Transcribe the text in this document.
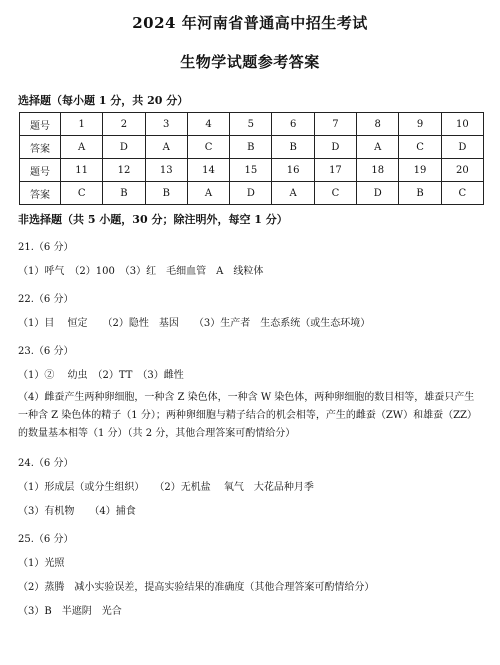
2024 年河南省普通高中招生考试
生物学试题参考答案
选择题（每小题 1 分，共 20 分）
题号	1	2	3	4	5	6	7	8	9	10
答案	A	D	A	C	B	B	D	A	C	D
题号	11	12	13	14	15	16	17	18	19	20
答案	C	B	B	A	D	A	C	D	B	C
非选择题（共 5 小题，30 分；除注明外，每空 1 分）
21.（6 分）
（1）呼气　（2）100　（3）红　毛细血管　A　线粒体
22.（6 分）
（1）目　 恒定　　（2）隐性　基因　　（3）生产者　生态系统（或生态环境）
23.（6 分）
（1）②　 幼虫　（2）TT　（3）雌性
（4）雌蚕产生两种卵细胞，一种含 Z 染色体，一种含 W 染色体，两种卵细胞的数目相等，雄蚕只产生一种含 Z 染色体的精子（1 分）；两种卵细胞与精子结合的机会相等，产生的雌蚕（ZW）和雄蚕（ZZ）的数量基本相等（1 分）（共 2 分，其他合理答案可酌情给分）
24.（6 分）
（1）形成层（或分生组织）　　（2）无机盐　 氧气　大花品种月季
（3）有机物　　（4）捕食
25.（6 分）
（1）光照
（2）蒸腾　减小实验误差，提高实验结果的准确度（其他合理答案可酌情给分）
（3）B　半遮阴　光合
